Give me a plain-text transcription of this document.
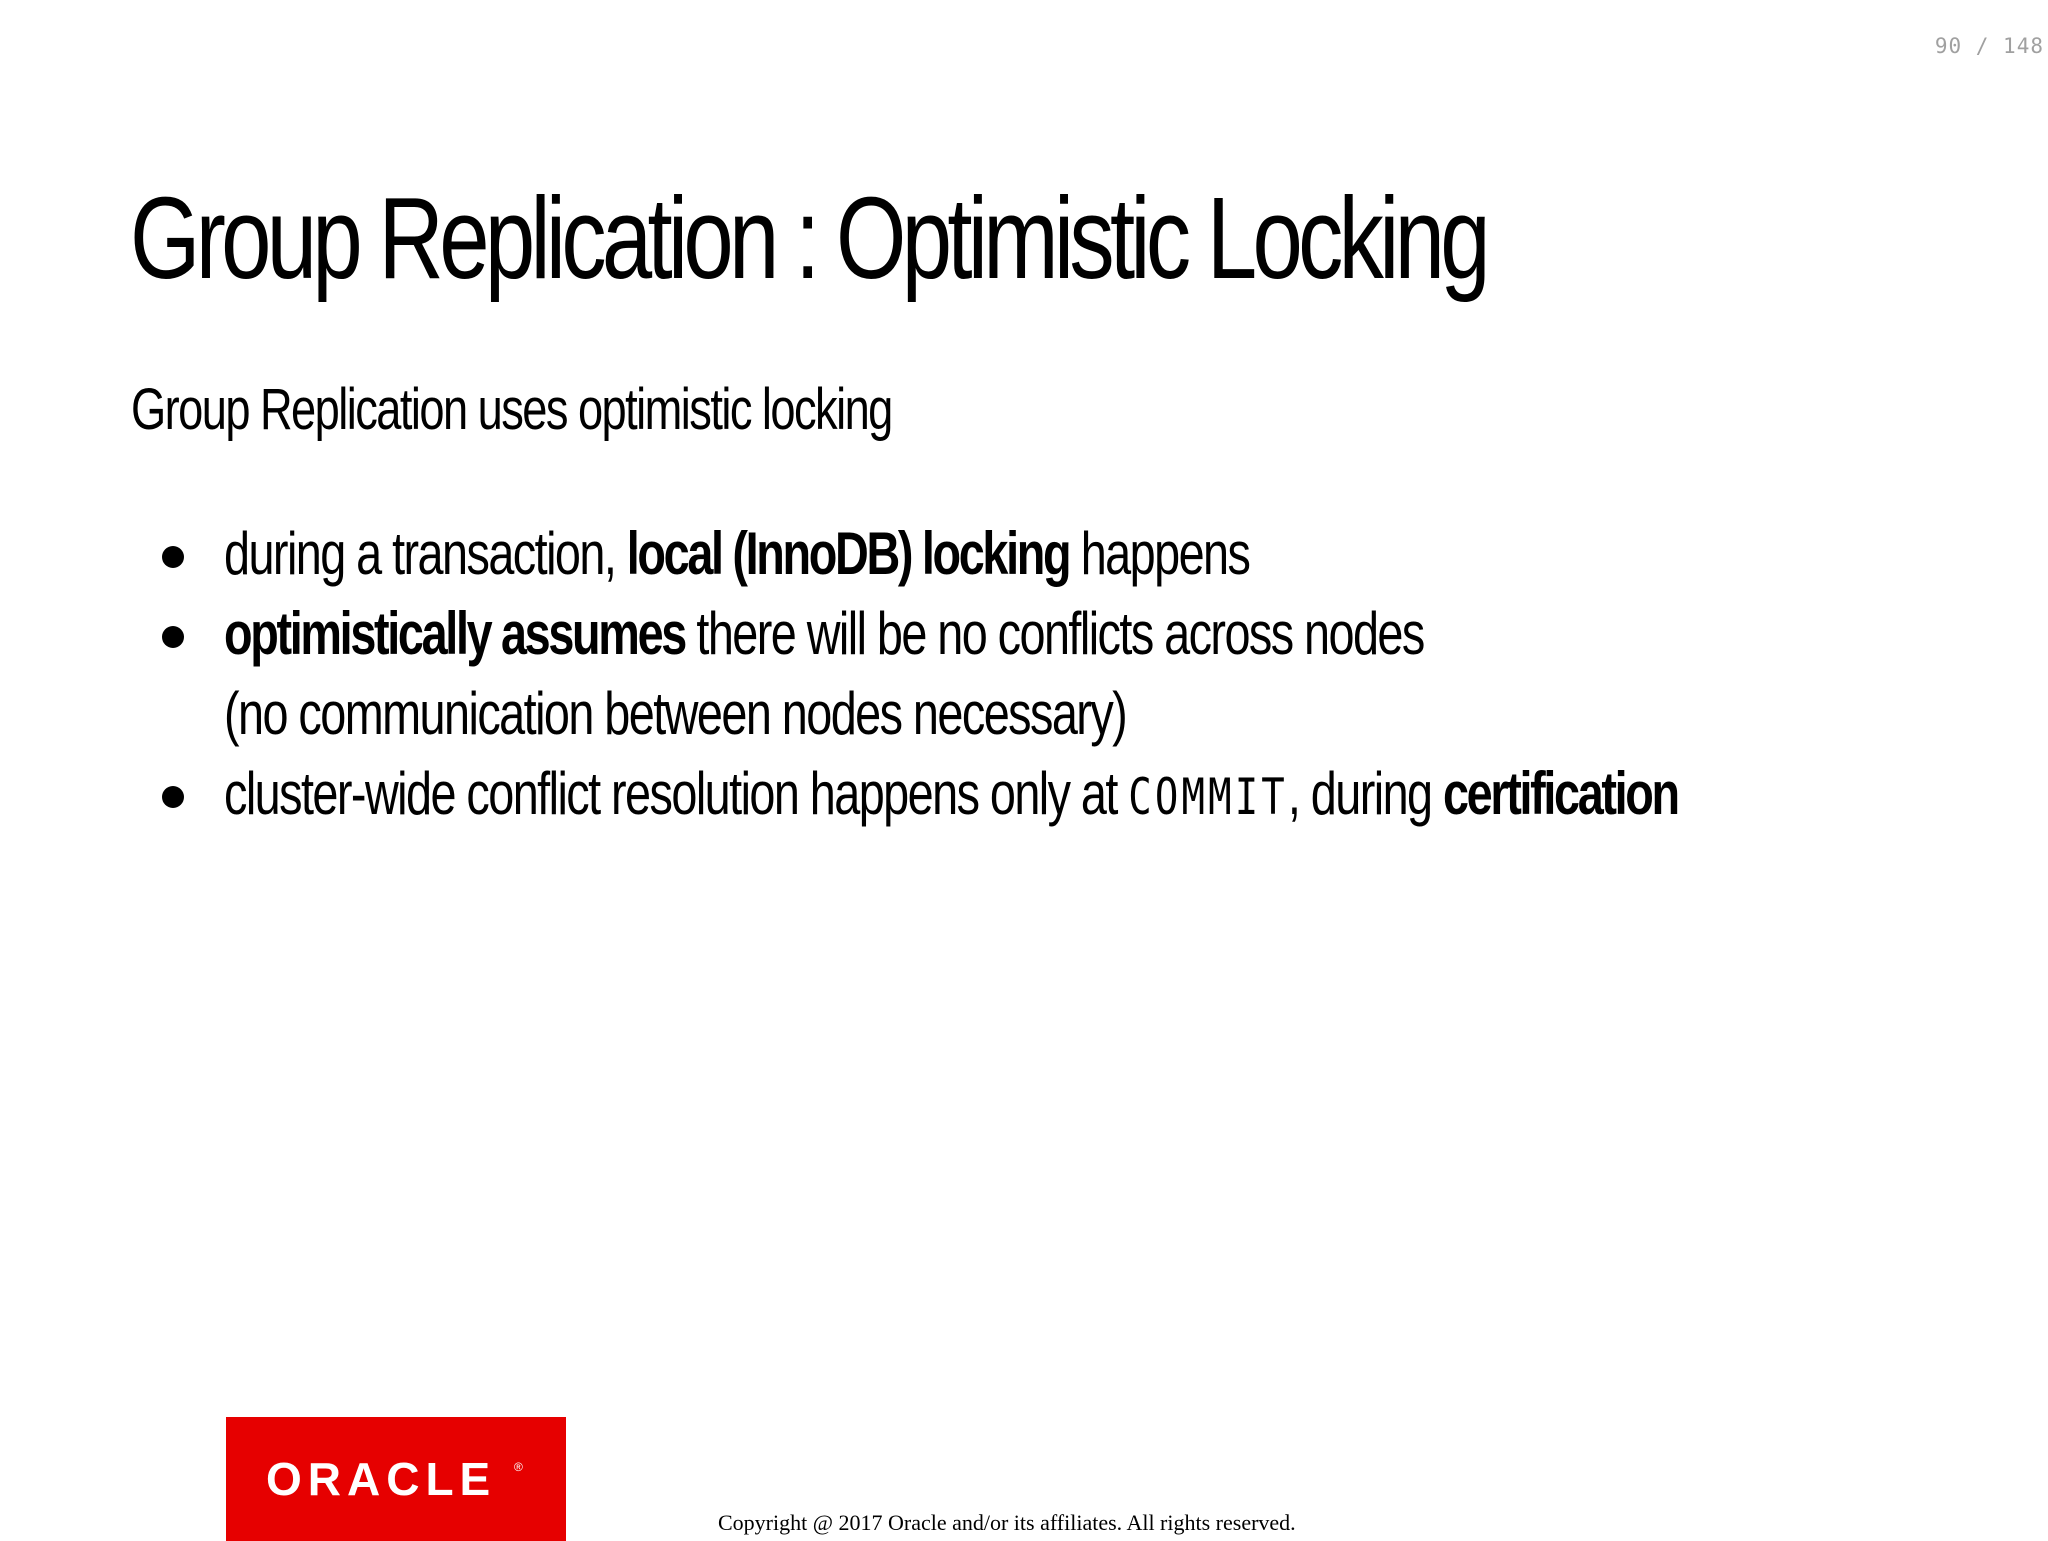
90 / 148
Group Replication : Optimistic Locking

Group Replication uses optimistic locking

during a transaction, local (InnoDB) locking happens
optimistically assumes there will be no conflicts across nodes
(no communication between nodes necessary)
cluster-wide conflict resolution happens only at COMMIT, during certification
ORACLE ®
Copyright @ 2017 Oracle and/or its affiliates. All rights reserved.
